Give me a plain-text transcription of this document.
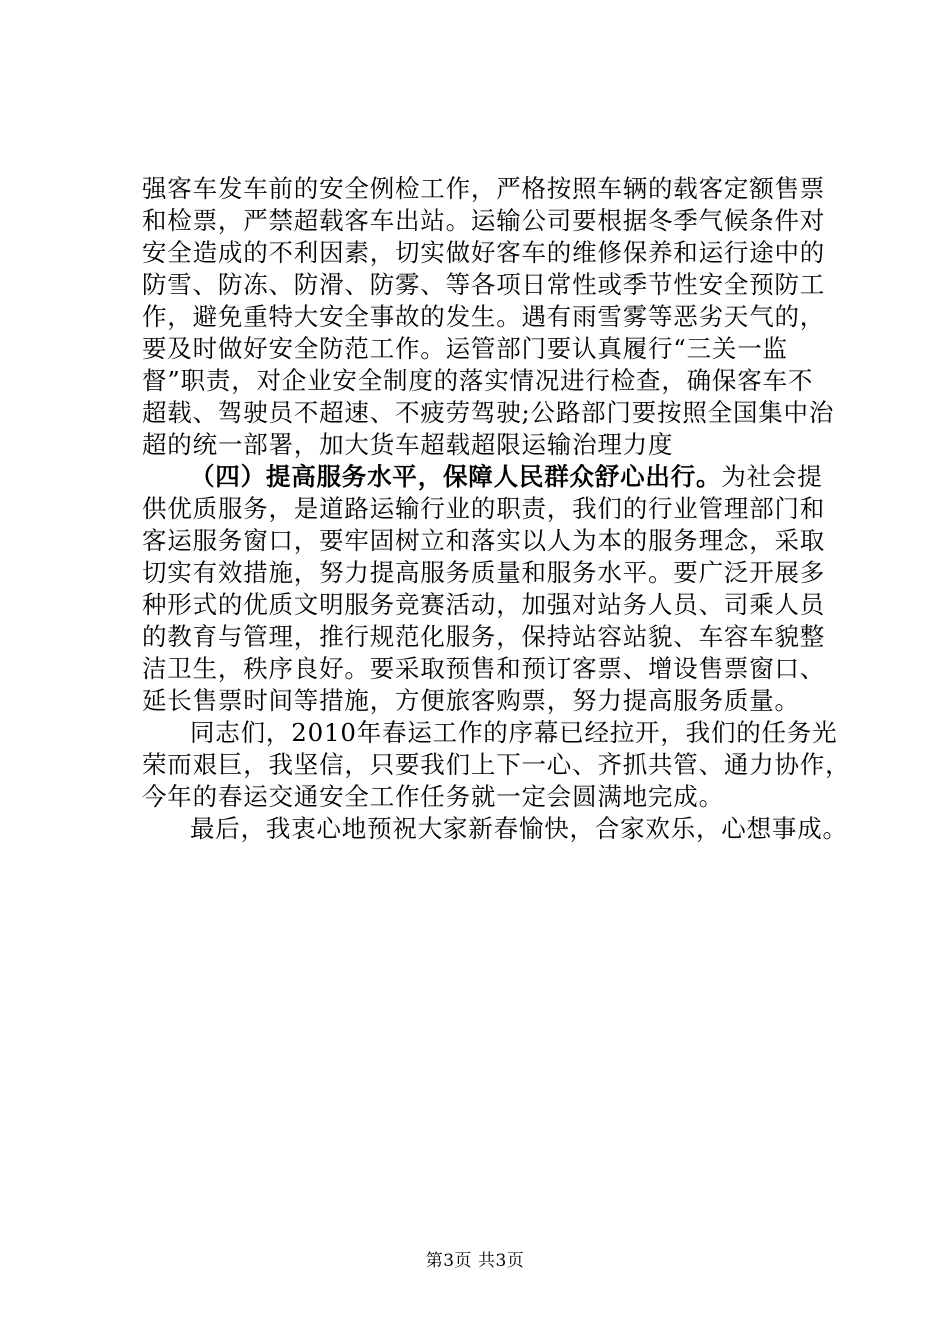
强客车发车前的安全例检工作，严格按照车辆的载客定额售票
和检票，严禁超载客车出站。运输公司要根据冬季气候条件对
安全造成的不利因素，切实做好客车的维修保养和运行途中的
防雪、防冻、防滑、防雾、等各项日常性或季节性安全预防工
作，避免重特大安全事故的发生。遇有雨雪雾等恶劣天气的，
要及时做好安全防范工作。运管部门要认真履行“三关一监
督”职责，对企业安全制度的落实情况进行检查，确保客车不
超载、驾驶员不超速、不疲劳驾驶;公路部门要按照全国集中治
超的统一部署，加大货车超载超限运输治理力度
（四）提高服务水平，保障人民群众舒心出行。为社会提
供优质服务，是道路运输行业的职责，我们的行业管理部门和
客运服务窗口，要牢固树立和落实以人为本的服务理念，采取
切实有效措施，努力提高服务质量和服务水平。要广泛开展多
种形式的优质文明服务竞赛活动，加强对站务人员、司乘人员
的教育与管理，推行规范化服务，保持站容站貌、车容车貌整
洁卫生，秩序良好。要采取预售和预订客票、增设售票窗口、
延长售票时间等措施，方便旅客购票，努力提高服务质量。
同志们，2010年春运工作的序幕已经拉开，我们的任务光
荣而艰巨，我坚信，只要我们上下一心、齐抓共管、通力协作，
今年的春运交通安全工作任务就一定会圆满地完成。
最后，我衷心地预祝大家新春愉快，合家欢乐，心想事成。
第3页 共3页
